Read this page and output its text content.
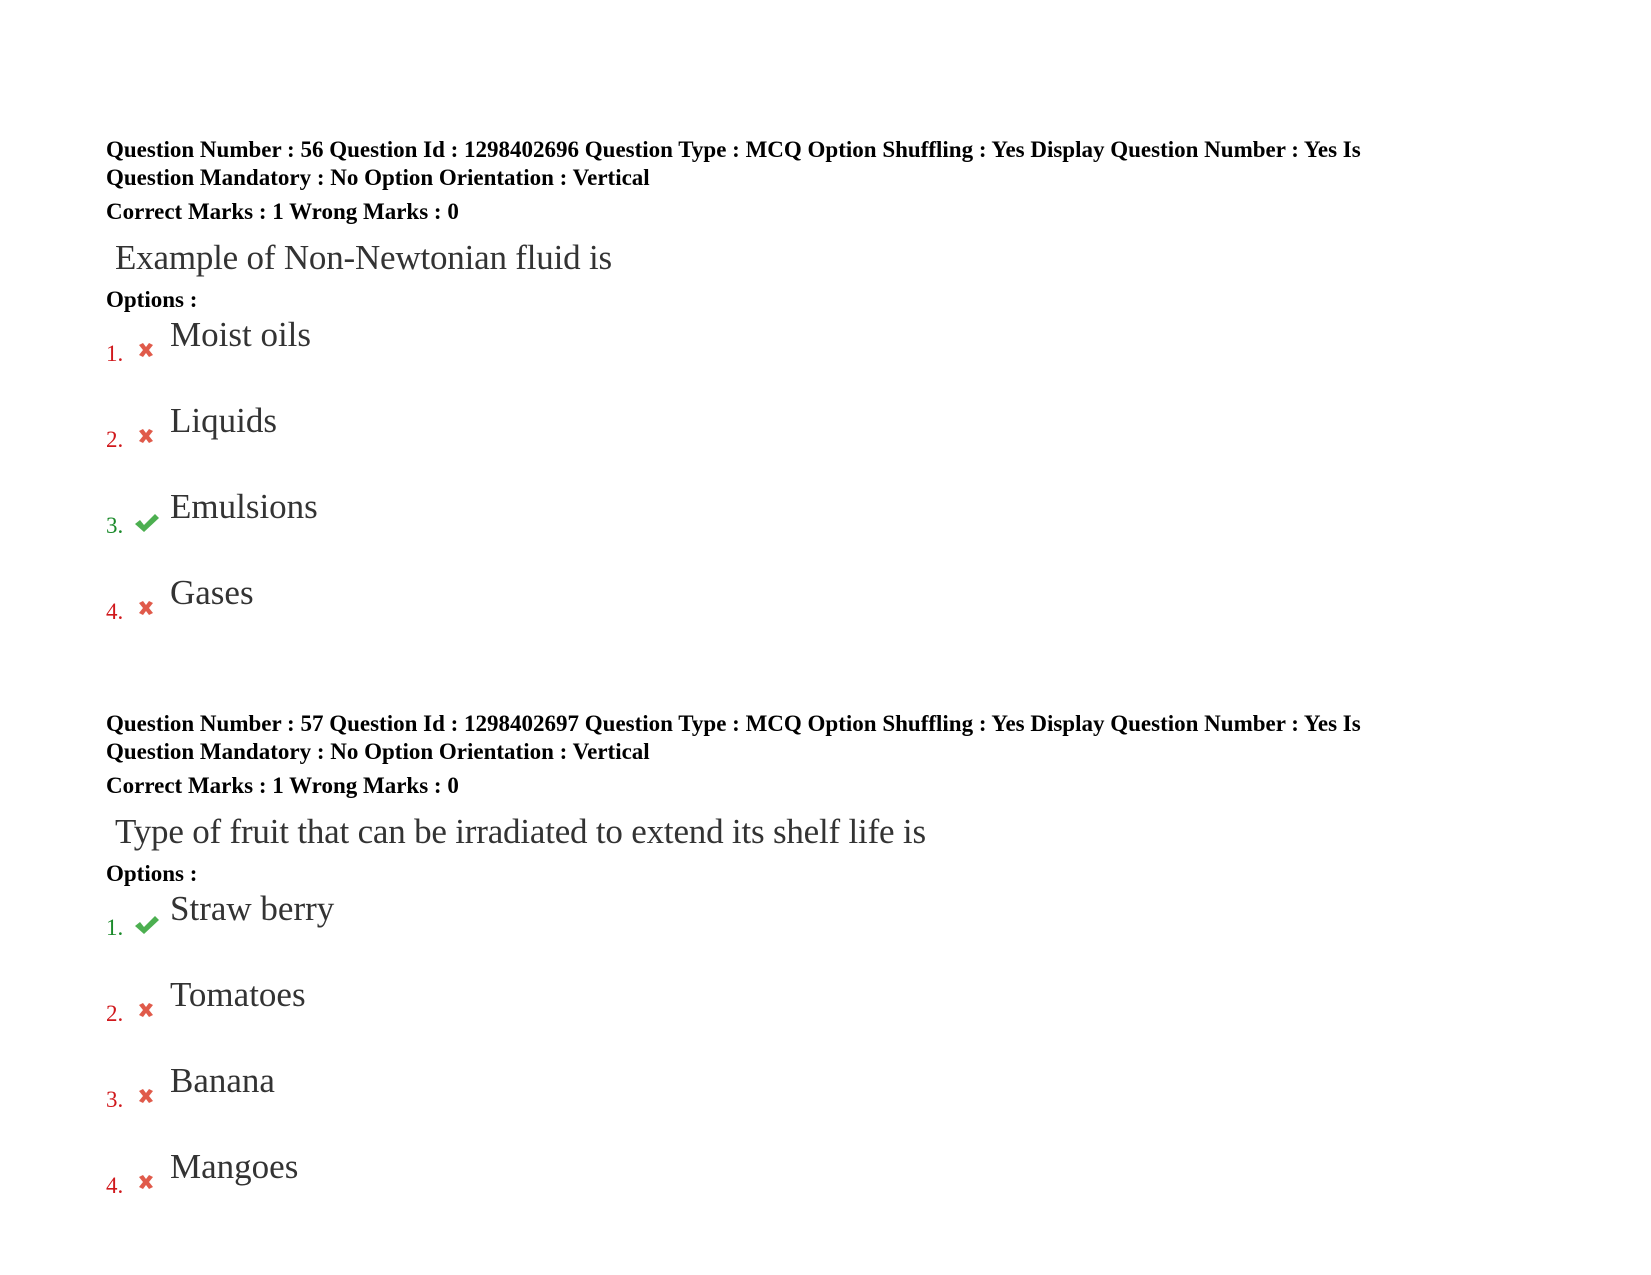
Question Number : 56 Question Id : 1298402696 Question Type : MCQ Option Shuffling : Yes Display Question Number : Yes Is
Question Mandatory : No Option Orientation : Vertical
Correct Marks : 1 Wrong Marks : 0
Example of Non-Newtonian fluid is
Options :
1. Moist oils
2. Liquids
3. Emulsions
4. Gases
Question Number : 57 Question Id : 1298402697 Question Type : MCQ Option Shuffling : Yes Display Question Number : Yes Is
Question Mandatory : No Option Orientation : Vertical
Correct Marks : 1 Wrong Marks : 0
Type of fruit that can be irradiated to extend its shelf life is
Options :
1. Straw berry
2. Tomatoes
3. Banana
4. Mangoes
